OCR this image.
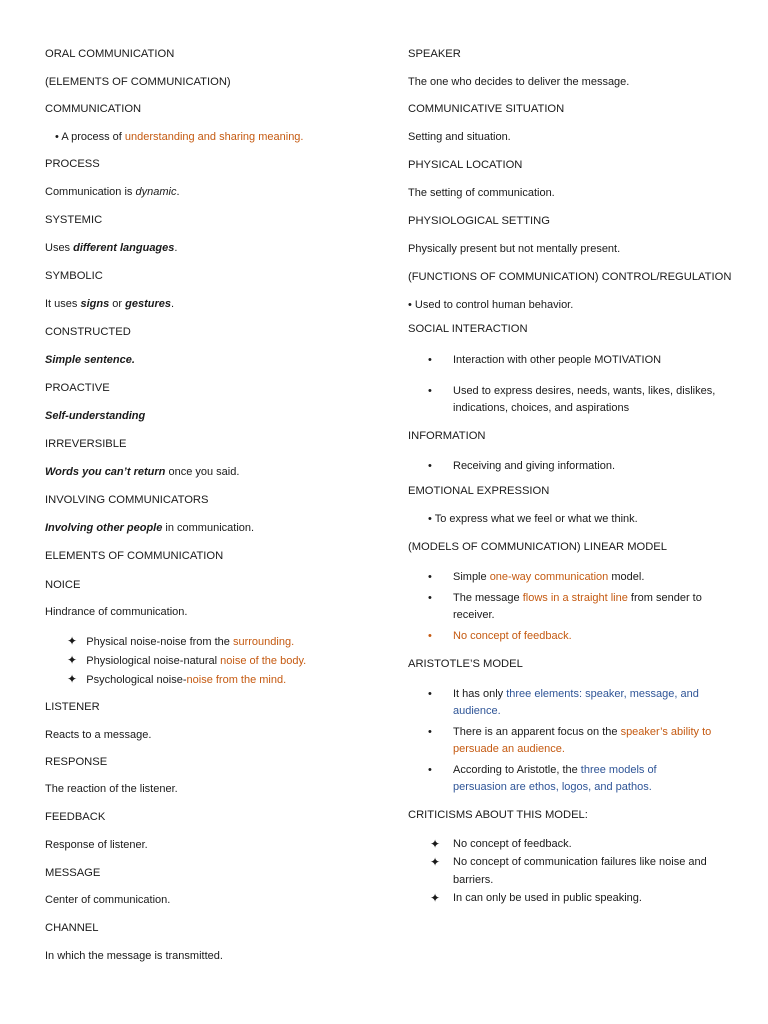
ORAL COMMUNICATION
(ELEMENTS OF COMMUNICATION)
COMMUNICATION
• A process of understanding and sharing meaning.
PROCESS
Communication is dynamic.
SYSTEMIC
Uses different languages.
SYMBOLIC
It uses signs or gestures.
CONSTRUCTED
Simple sentence.
PROACTIVE
Self-understanding
IRREVERSIBLE
Words you can’t return once you said.
INVOLVING COMMUNICATORS
Involving other people in communication.
ELEMENTS OF COMMUNICATION
NOICE
Hindrance of communication.
✦ Physical noise-noise from the surrounding.
✦ Physiological noise-natural noise of the body.
✦ Psychological noise-noise from the mind.
LISTENER
Reacts to a message.
RESPONSE
The reaction of the listener.
FEEDBACK
Response of listener.
MESSAGE
Center of communication.
CHANNEL
In which the message is transmitted.
SPEAKER
The one who decides to deliver the message.
COMMUNICATIVE SITUATION
Setting and situation.
PHYSICAL LOCATION
The setting of communication.
PHYSIOLOGICAL SETTING
Physically present but not mentally present.
(FUNCTIONS OF COMMUNICATION) CONTROL/REGULATION
• Used to control human behavior.
SOCIAL INTERACTION
• Interaction with other people MOTIVATION
• Used to express desires, needs, wants, likes, dislikes,
indications, choices, and aspirations
INFORMATION
• Receiving and giving information.
EMOTIONAL EXPRESSION
• To express what we feel or what we think.
(MODELS OF COMMUNICATION) LINEAR MODEL
• Simple one-way communication model.
• The message flows in a straight line from sender to
receiver.
• No concept of feedback.
ARISTOTLE’S MODEL
• It has only three elements: speaker, message, and
audience.
• There is an apparent focus on the speaker’s ability to
persuade an audience.
• According to Aristotle, the three models of
persuasion are ethos, logos, and pathos.
CRITICISMS ABOUT THIS MODEL:
✦ No concept of feedback.
✦ No concept of communication failures like noise and
barriers.
✦ In can only be used in public speaking.
